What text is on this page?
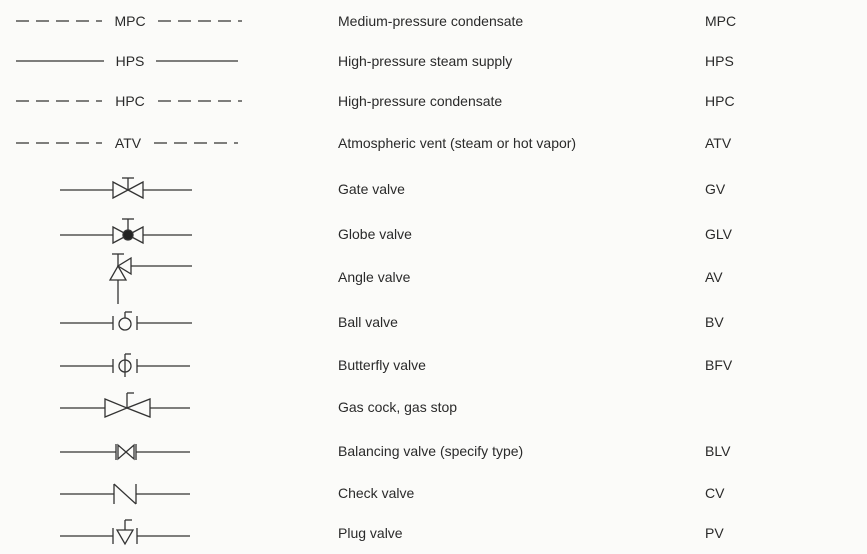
MPC	Medium-pressure condensate	MPC
HPS	High-pressure steam supply	HPS
HPC	High-pressure condensate	HPC
ATV	Atmospheric vent (steam or hot vapor)	ATV
Gate valve	GV
Globe valve	GLV
Angle valve	AV
Ball valve	BV
Butterfly valve	BFV
Gas cock, gas stop
Balancing valve (specify type)	BLV
Check valve	CV
Plug valve	PV
